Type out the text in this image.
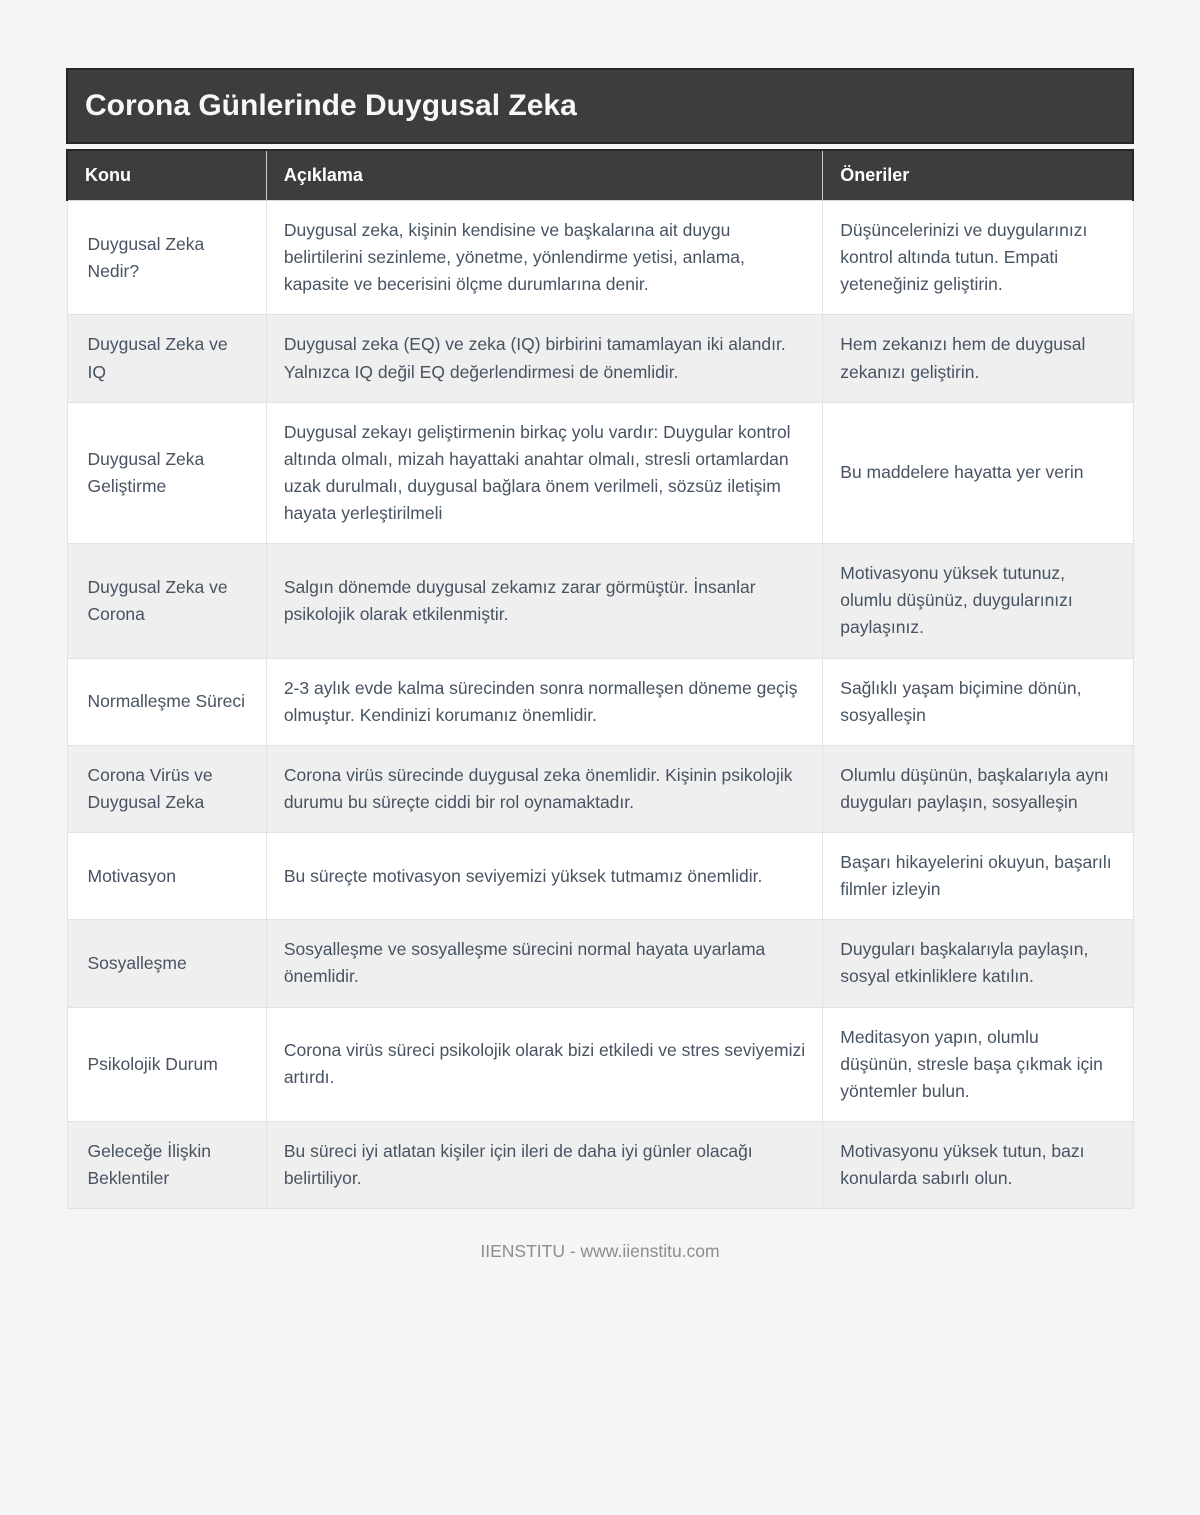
Corona Günlerinde Duygusal Zeka
Konu	Açıklama	Öneriler
Duygusal Zeka Nedir?	Duygusal zeka, kişinin kendisine ve başkalarına ait duygu belirtilerini sezinleme, yönetme, yönlendirme yetisi, anlama, kapasite ve becerisini ölçme durumlarına denir.	Düşüncelerinizi ve duygularınızı kontrol altında tutun. Empati yeteneğiniz geliştirin.
Duygusal Zeka ve IQ	Duygusal zeka (EQ) ve zeka (IQ) birbirini tamamlayan iki alandır. Yalnızca IQ değil EQ değerlendirmesi de önemlidir.	Hem zekanızı hem de duygusal zekanızı geliştirin.
Duygusal Zeka Geliştirme	Duygusal zekayı geliştirmenin birkaç yolu vardır: Duygular kontrol altında olmalı, mizah hayattaki anahtar olmalı, stresli ortamlardan uzak durulmalı, duygusal bağlara önem verilmeli, sözsüz iletişim hayata yerleştirilmeli	Bu maddelere hayatta yer verin
Duygusal Zeka ve Corona	Salgın dönemde duygusal zekamız zarar görmüştür. İnsanlar psikolojik olarak etkilenmiştir.	Motivasyonu yüksek tutunuz, olumlu düşünüz, duygularınızı paylaşınız.
Normalleşme Süreci	2-3 aylık evde kalma sürecinden sonra normalleşen döneme geçiş olmuştur. Kendinizi korumanız önemlidir.	Sağlıklı yaşam biçimine dönün, sosyalleşin
Corona Virüs ve Duygusal Zeka	Corona virüs sürecinde duygusal zeka önemlidir. Kişinin psikolojik durumu bu süreçte ciddi bir rol oynamaktadır.	Olumlu düşünün, başkalarıyla aynı duyguları paylaşın, sosyalleşin
Motivasyon	Bu süreçte motivasyon seviyemizi yüksek tutmamız önemlidir.	Başarı hikayelerini okuyun, başarılı filmler izleyin
Sosyalleşme	Sosyalleşme ve sosyalleşme sürecini normal hayata uyarlama önemlidir.	Duyguları başkalarıyla paylaşın, sosyal etkinliklere katılın.
Psikolojik Durum	Corona virüs süreci psikolojik olarak bizi etkiledi ve stres seviyemizi artırdı.	Meditasyon yapın, olumlu düşünün, stresle başa çıkmak için yöntemler bulun.
Geleceğe İlişkin Beklentiler	Bu süreci iyi atlatan kişiler için ileri de daha iyi günler olacağı belirtiliyor.	Motivasyonu yüksek tutun, bazı konularda sabırlı olun.
IIENSTITU - www.iienstitu.com
